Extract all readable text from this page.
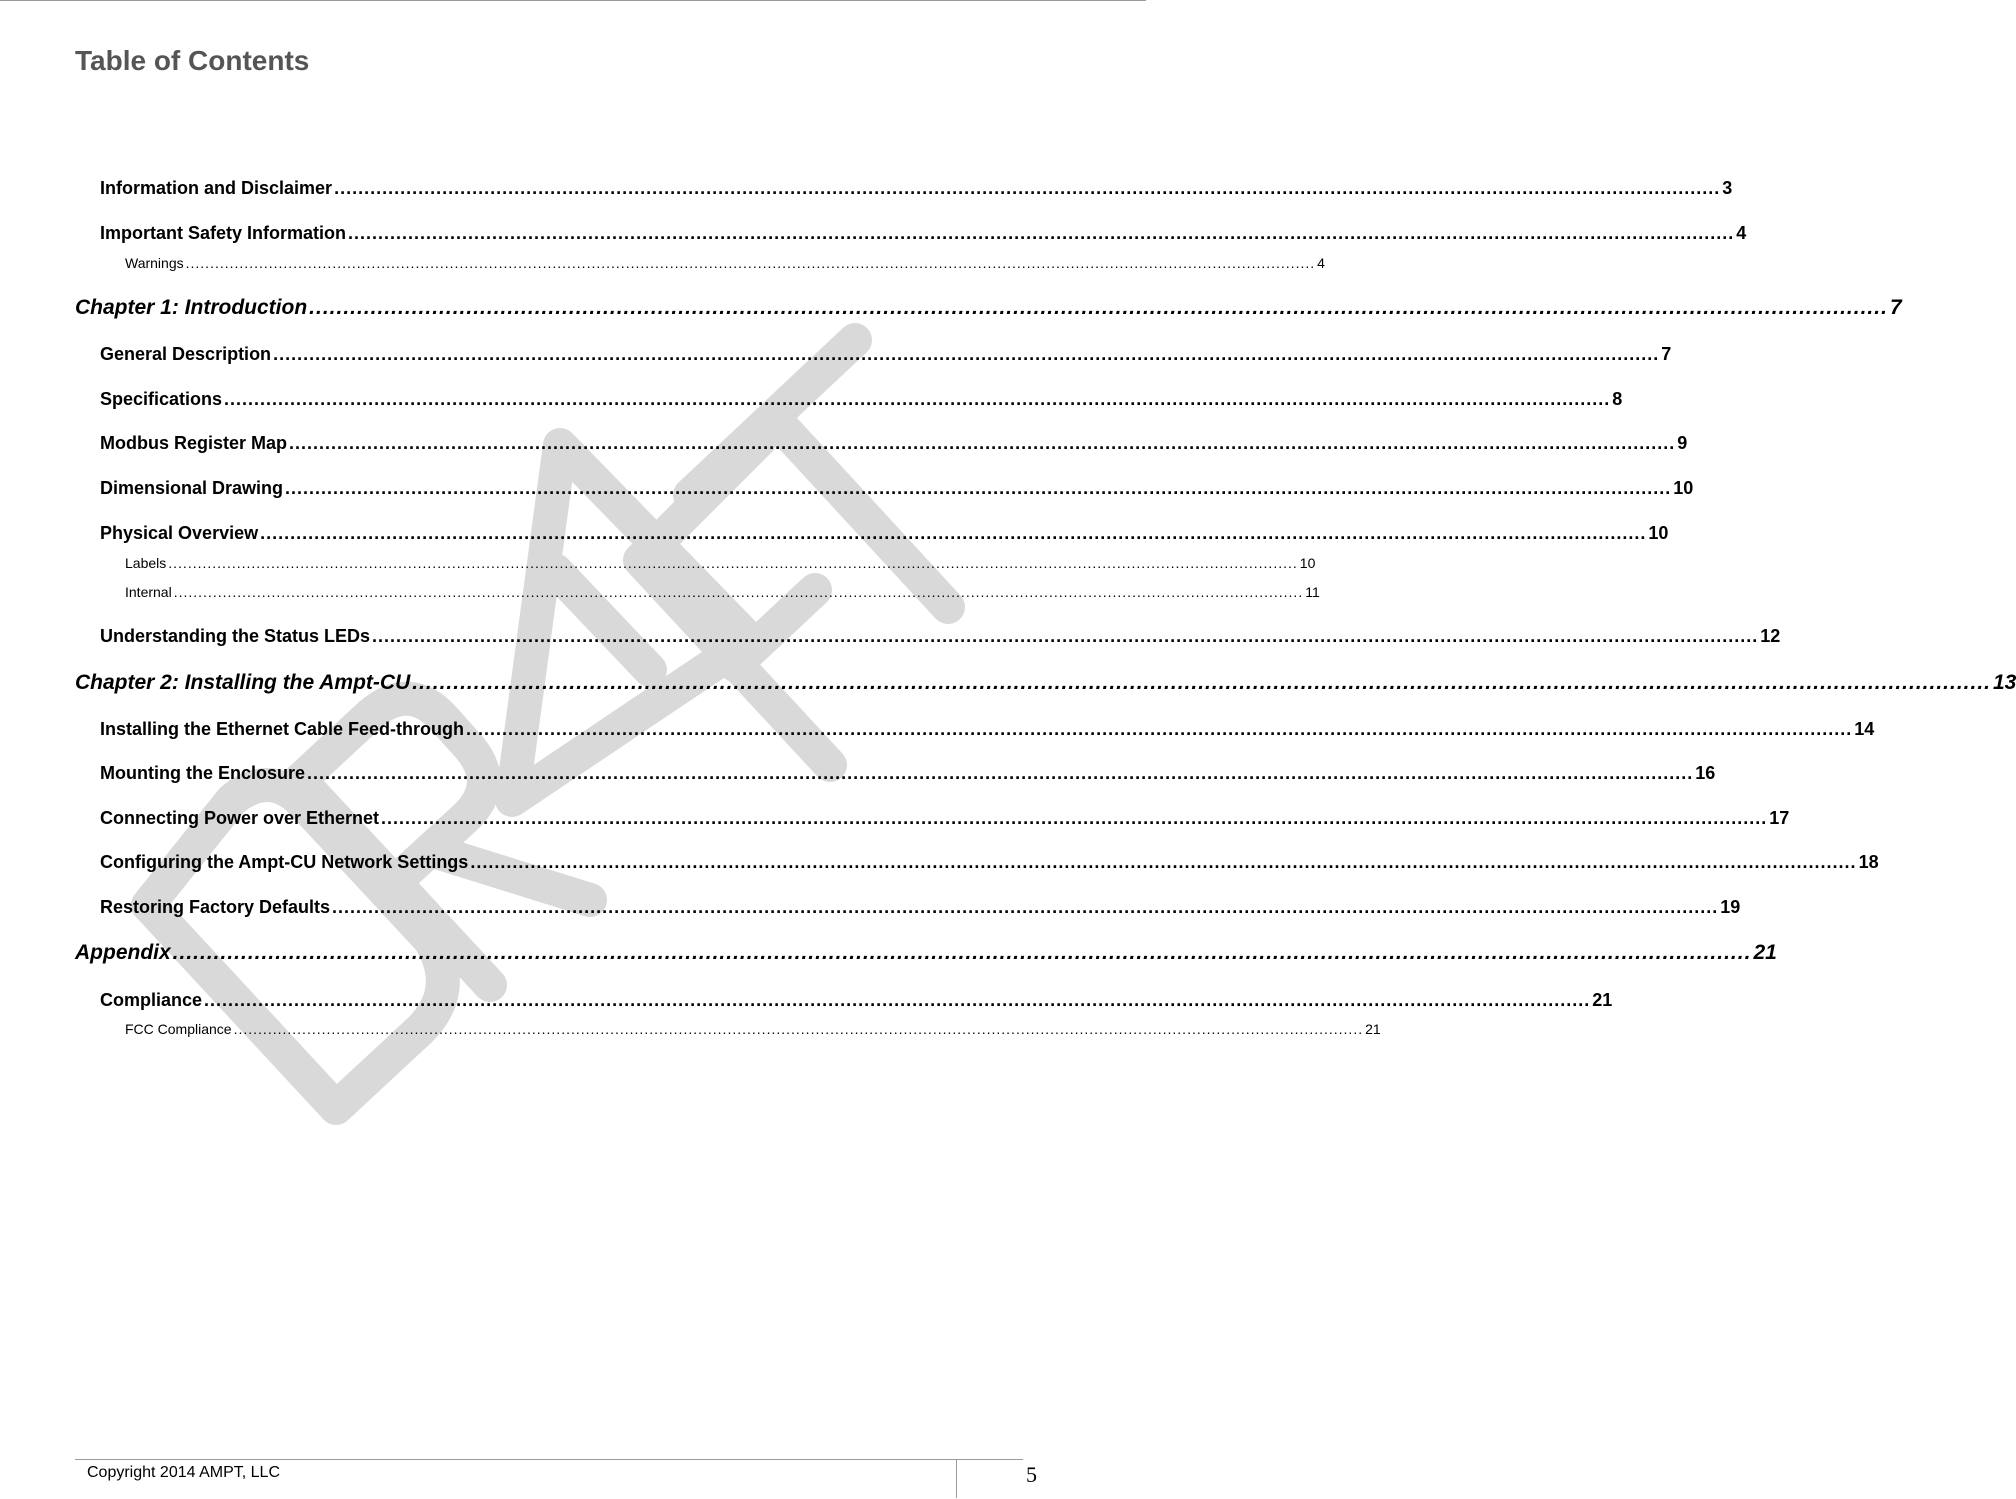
Table of Contents
Information and Disclaimer ....................................................................................................................................................................................................................................... 3
Important Safety Information ....................................................................................................................................................................................................................................... 4
Warnings ....................................................................................................................................................................................................................................... 4
Chapter 1: Introduction ....................................................................................................................................................................................................................................... 7
General Description ....................................................................................................................................................................................................................................... 7
Specifications ....................................................................................................................................................................................................................................... 8
Modbus Register Map ....................................................................................................................................................................................................................................... 9
Dimensional Drawing ....................................................................................................................................................................................................................................... 10
Physical Overview ....................................................................................................................................................................................................................................... 10
Labels ....................................................................................................................................................................................................................................... 10
Internal ....................................................................................................................................................................................................................................... 11
Understanding the Status LEDs ....................................................................................................................................................................................................................................... 12
Chapter 2: Installing the Ampt-CU ....................................................................................................................................................................................................................................... 13
Installing the Ethernet Cable Feed-through ....................................................................................................................................................................................................................................... 14
Mounting the Enclosure ....................................................................................................................................................................................................................................... 16
Connecting Power over Ethernet ....................................................................................................................................................................................................................................... 17
Configuring the Ampt-CU Network Settings ....................................................................................................................................................................................................................................... 18
Restoring Factory Defaults ....................................................................................................................................................................................................................................... 19
Appendix ....................................................................................................................................................................................................................................... 21
Compliance ....................................................................................................................................................................................................................................... 21
FCC Compliance ....................................................................................................................................................................................................................................... 21
Copyright 2014 AMPT, LLC	5
